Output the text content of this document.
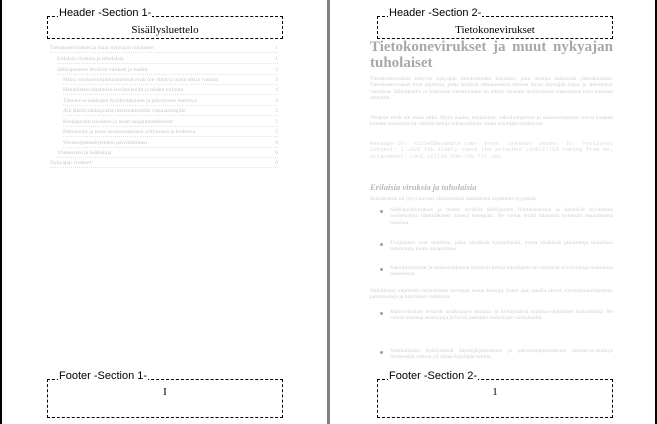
Header -Section 1-
Sisällysluettelo
Tietokonevirukset ja muut nykyajan tuholaiset	1
Erilaisia viruksia ja tuholaisia	1
Sähköpostitse leviävät virukset ja madot	2
Miksi viruksentorjuntaohjelmat eivät ole riittäviä uusia uhkia vastaan	3
Haitallisten ohjelmien leviämisreitit ja niiden torjunta	4
Tietoturva-aukkojen hyödyntäminen ja päivitysten merkitys	4
Älä lähetä sähköpostia tuntemattomille vastaanottajille	5
Roskapostin suodatus ja muut suojautumiskeinot	5
Palomuurit ja muut suojausratkaisut yrityksissä ja kodeissa	5
Virustorjuntaohjelmien päivittäminen	6
Yhteenveto ja lisätietoja	6
Nykyajan virukset	6
Footer -Section 1-
I
Header -Section 2-
Tietokonevirukset
Tietokonevirukset ja muut nykyajan tuholaiset
Tietokonevirukset liittyvät nykyajan tietokoneiden käyttöön, joka ulottuu kaikkialle yhteiskuntaan. Tietokonevirukset ovat ohjelmia, jotka leviävät tietokoneesta toiseen ilman käyttäjän lupaa ja aiheuttavat vahinkoa. Sähköpostin ja Internetin yleistyminen on tehnyt virusten leviämisestä nopeampaa kuin koskaan aiemmin.
Virukset eivät ole ainoa uhka. Myös madot, troijalaiset, vakoiluohjelmat ja mainosohjelmat voivat kaapata koneen resursseja tai välittää tietoja ulkopuolisille ilman käyttäjän tietämystä.
Message-ID: <12345@example.com> From: unknown sender To: recipient Subject: I LOVE YOU kindly check the attached LOVELETTER coming from me. Attachment: LOVE-LETTER-FOR-YOU.TXT.vbs
Erilaisia viruksia ja tuholaisia
Seuraavassa on lyhyt kuvaus yleisimmistä haitallisten ohjelmien tyypeistä.
Sähköpostivirukset ja madot leviävät sähköpostin liitetiedostoina ja käyttävät hyväkseen osoitekirjoja lähettääkseen itsensä eteenpäin. Ne voivat levitä tuhansiin koneisiin muutamassa tunnissa.
Troijalaiset ovat ohjelmia, jotka näyttävät hyödyllisiltä, mutta sisältävät piilotettuja haitallisia toimintoja, kuten takaportteja.
Vakoiluohjelmat ja mainosohjelmat keräävät tietoja käyttäjästä tai näyttävät ei-toivottuja mainoksia selaimessa.
Haitallisten ohjelmien torjumiseen tarvitaan useita keinoja, kuten ajan tasalla olevia virustorjuntaohjelmia, palomuureja ja käyttäjien valistusta.
Makrovirukset leviävät asiakirjojen mukana ja hyödyntävät toimisto-ohjelmien makrokieliä. Ne voivat muuttaa asiakirjoja ja levitä jaettujen tiedostojen välityksellä.
Verkkomadot hyödyntävät käyttöjärjestelmien ja palvelinohjelmistojen tietoturva-aukkoja levitessään verkon yli ilman käyttäjän toimia.
Footer -Section 2-
1
